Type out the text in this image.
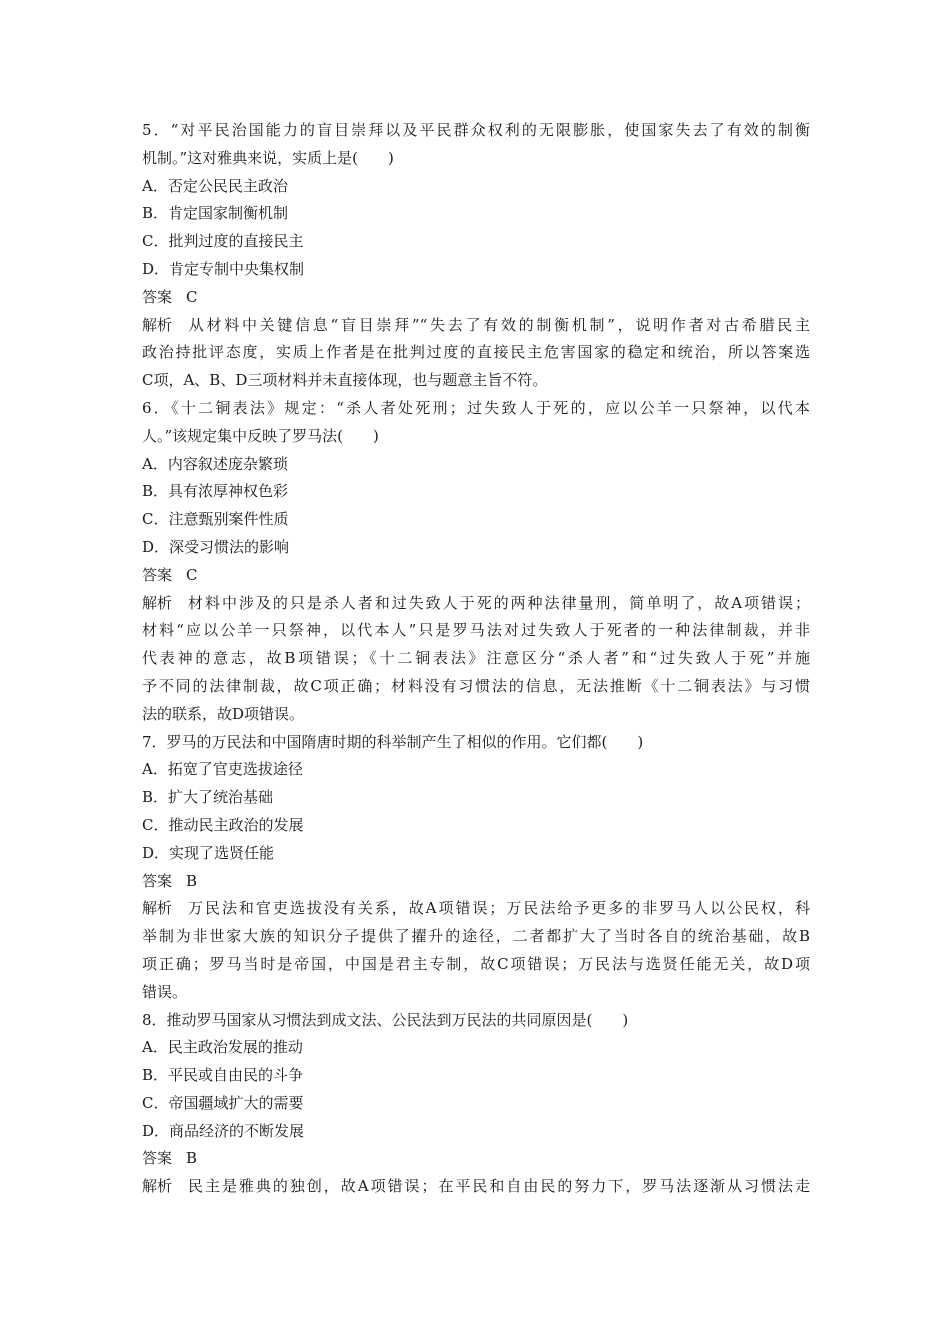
5．“对平民治国能力的盲目崇拜以及平民群众权利的无限膨胀，使国家失去了有效的制衡

机制。”这对雅典来说，实质上是(　　)

A．否定公民民主政治

B．肯定国家制衡机制

C．批判过度的直接民主

D．肯定专制中央集权制

答案 C

解析 从材料中关键信息“盲目崇拜”“失去了有效的制衡机制”，说明作者对古希腊民主

政治持批评态度，实质上作者是在批判过度的直接民主危害国家的稳定和统治，所以答案选

C项，A、B、D三项材料并未直接体现，也与题意主旨不符。

6．《十二铜表法》规定：“杀人者处死刑；过失致人于死的，应以公羊一只祭神，以代本

人。”该规定集中反映了罗马法(　　)

A．内容叙述庞杂繁琐

B．具有浓厚神权色彩

C．注意甄别案件性质

D．深受习惯法的影响

答案 C

解析 材料中涉及的只是杀人者和过失致人于死的两种法律量刑，简单明了，故A项错误；

材料“应以公羊一只祭神，以代本人”只是罗马法对过失致人于死者的一种法律制裁，并非

代表神的意志，故B项错误；《十二铜表法》注意区分“杀人者”和“过失致人于死”并施

予不同的法律制裁，故C项正确；材料没有习惯法的信息，无法推断《十二铜表法》与习惯

法的联系，故D项错误。

7．罗马的万民法和中国隋唐时期的科举制产生了相似的作用。它们都(　　)

A．拓宽了官吏选拔途径

B．扩大了统治基础

C．推动民主政治的发展

D．实现了选贤任能

答案 B

解析 万民法和官吏选拔没有关系，故A项错误；万民法给予更多的非罗马人以公民权，科

举制为非世家大族的知识分子提供了擢升的途径，二者都扩大了当时各自的统治基础，故B

项正确；罗马当时是帝国，中国是君主专制，故C项错误；万民法与选贤任能无关，故D项

错误。

8．推动罗马国家从习惯法到成文法、公民法到万民法的共同原因是(　　)

A．民主政治发展的推动

B．平民或自由民的斗争

C．帝国疆域扩大的需要

D．商品经济的不断发展

答案 B

解析 民主是雅典的独创，故A项错误；在平民和自由民的努力下，罗马法逐渐从习惯法走
